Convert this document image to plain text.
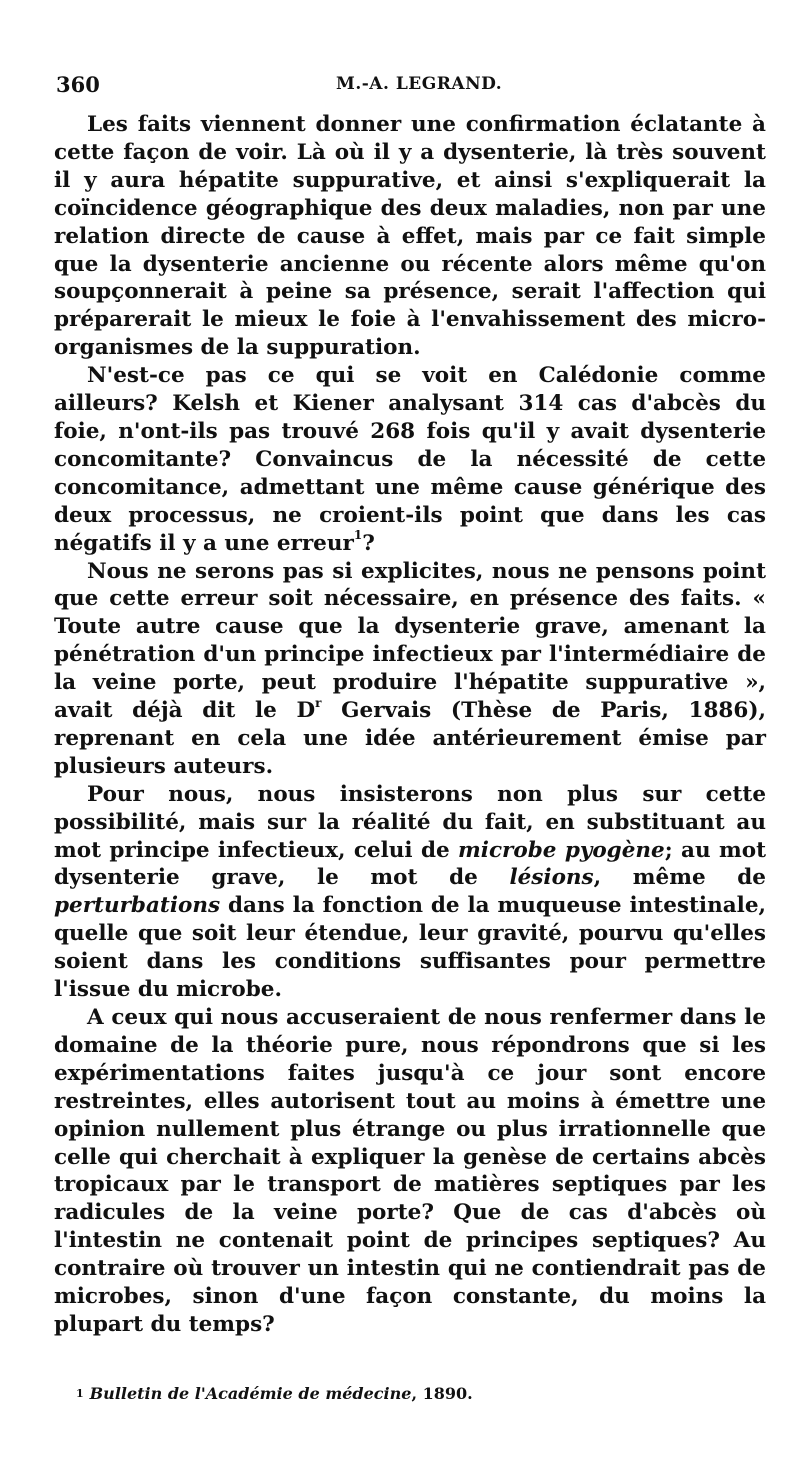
360	M.-A. LEGRAND.

Les faits viennent donner une confirmation éclatante à cette façon de voir. Là où il y a dysenterie, là très souvent il y aura hépatite suppurative, et ainsi s'expliquerait la coïncidence géographique des deux maladies, non par une relation directe de cause à effet, mais par ce fait simple que la dysenterie ancienne ou récente alors même qu'on soupçonnerait à peine sa présence, serait l'affection qui préparerait le mieux le foie à l'envahissement des micro-organismes de la suppuration.

N'est-ce pas ce qui se voit en Calédonie comme ailleurs? Kelsh et Kiener analysant 314 cas d'abcès du foie, n'ont-ils pas trouvé 268 fois qu'il y avait dysenterie concomitante? Convaincus de la nécessité de cette concomitance, admettant une même cause générique des deux processus, ne croient-ils point que dans les cas négatifs il y a une erreur$^1$?

Nous ne serons pas si explicites, nous ne pensons point que cette erreur soit nécessaire, en présence des faits. « Toute autre cause que la dysenterie grave, amenant la pénétration d'un principe infectieux par l'intermédiaire de la veine porte, peut produire l'hépatite suppurative », avait déjà dit le $D^r$ Gervais (Thèse de Paris, 1886), reprenant en cela une idée antérieurement émise par plusieurs auteurs.

Pour nous, nous insisterons non plus sur cette possibilité, mais sur la réalité du fait, en substituant au mot principe infectieux, celui de microbe pyogène; au mot dysenterie grave, le mot de lésions, même de perturbations dans la fonction de la muqueuse intestinale, quelle que soit leur étendue, leur gravité, pourvu qu'elles soient dans les conditions suffisantes pour permettre l'issue du microbe.

A ceux qui nous accuseraient de nous renfermer dans le domaine de la théorie pure, nous répondrons que si les expérimentations faites jusqu'à ce jour sont encore restreintes, elles autorisent tout au moins à émettre une opinion nullement plus étrange ou plus irrationnelle que celle qui cherchait à expliquer la genèse de certains abcès tropicaux par le transport de matières septiques par les radicules de la veine porte? Que de cas d'abcès où l'intestin ne contenait point de principes septiques? Au contraire où trouver un intestin qui ne contiendrait pas de microbes, sinon d'une façon constante, du moins la plupart du temps?

$^1$ Bulletin de l'Académie de médecine, 1890.
